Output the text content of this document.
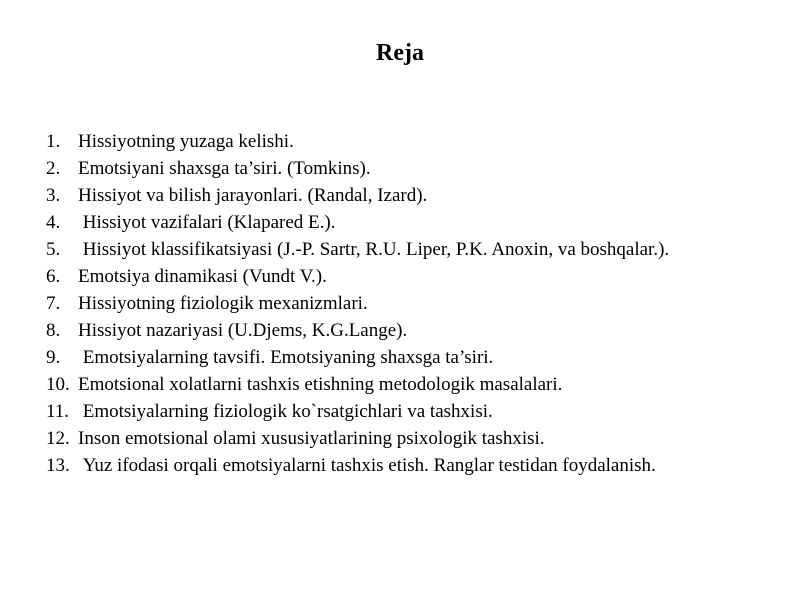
Reja
1. Hissiyotning yuzaga kelishi.
2. Emotsiyani shaxsga ta’siri. (Tomkins).
3. Hissiyot va bilish jarayonlari. (Randal, Izard).
4. Hissiyot vazifalari (Klapared E.).
5. Hissiyot klassifikatsiyasi (J.-P. Sartr, R.U. Liper, P.K. Anoxin, va boshqalar.).
6. Emotsiya dinamikasi (Vundt V.).
7. Hissiyotning fiziologik mexanizmlari.
8. Hissiyot nazariyasi (U.Djems, K.G.Lange).
9. Emotsiyalarning tavsifi. Emotsiyaning shaxsga ta’siri.
10. Emotsional xolatlarni tashxis etishning metodologik masalalari.
11. Emotsiyalarning fiziologik ko`rsatgichlari va tashxisi.
12. Inson emotsional olami xususiyatlarining psixologik tashxisi.
13. Yuz ifodasi orqali emotsiyalarni tashxis etish. Ranglar testidan foydalanish.
